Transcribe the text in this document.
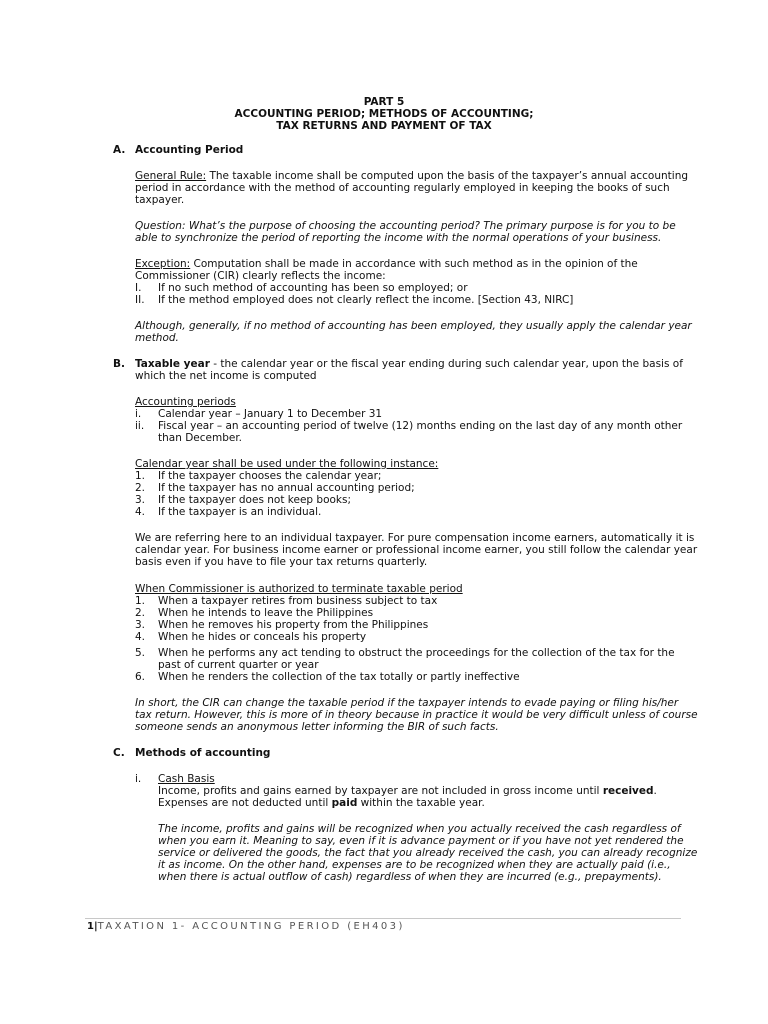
PART 5
ACCOUNTING PERIOD; METHODS OF ACCOUNTING;
TAX RETURNS AND PAYMENT OF TAX
A. Accounting Period
General Rule: The taxable income shall be computed upon the basis of the taxpayer’s annual accounting
period in accordance with the method of accounting regularly employed in keeping the books of such
taxpayer.
Question: What’s the purpose of choosing the accounting period? The primary purpose is for you to be
able to synchronize the period of reporting the income with the normal operations of your business.
Exception: Computation shall be made in accordance with such method as in the opinion of the
Commissioner (CIR) clearly reflects the income:
I. If no such method of accounting has been so employed; or
II. If the method employed does not clearly reflect the income. [Section 43, NIRC]
Although, generally, if no method of accounting has been employed, they usually apply the calendar year
method.
B. Taxable year - the calendar year or the fiscal year ending during such calendar year, upon the basis of
which the net income is computed
Accounting periods
i. Calendar year – January 1 to December 31
ii. Fiscal year – an accounting period of twelve (12) months ending on the last day of any month other
than December.
Calendar year shall be used under the following instance:
1. If the taxpayer chooses the calendar year;
2. If the taxpayer has no annual accounting period;
3. If the taxpayer does not keep books;
4. If the taxpayer is an individual.
We are referring here to an individual taxpayer. For pure compensation income earners, automatically it is
calendar year. For business income earner or professional income earner, you still follow the calendar year
basis even if you have to file your tax returns quarterly.
When Commissioner is authorized to terminate taxable period
1. When a taxpayer retires from business subject to tax
2. When he intends to leave the Philippines
3. When he removes his property from the Philippines
4. When he hides or conceals his property
5. When he performs any act tending to obstruct the proceedings for the collection of the tax for the
past of current quarter or year
6. When he renders the collection of the tax totally or partly ineffective
In short, the CIR can change the taxable period if the taxpayer intends to evade paying or filing his/her
tax return. However, this is more of in theory because in practice it would be very difficult unless of course
someone sends an anonymous letter informing the BIR of such facts.
C. Methods of accounting
i. Cash Basis
Income, profits and gains earned by taxpayer are not included in gross income until received.
Expenses are not deducted until paid within the taxable year.
The income, profits and gains will be recognized when you actually received the cash regardless of
when you earn it. Meaning to say, even if it is advance payment or if you have not yet rendered the
service or delivered the goods, the fact that you already received the cash, you can already recognize
it as income. On the other hand, expenses are to be recognized when they are actually paid (i.e.,
when there is actual outflow of cash) regardless of when they are incurred (e.g., prepayments).
1|TAXATION 1- ACCOUNTING PERIOD (EH403)
